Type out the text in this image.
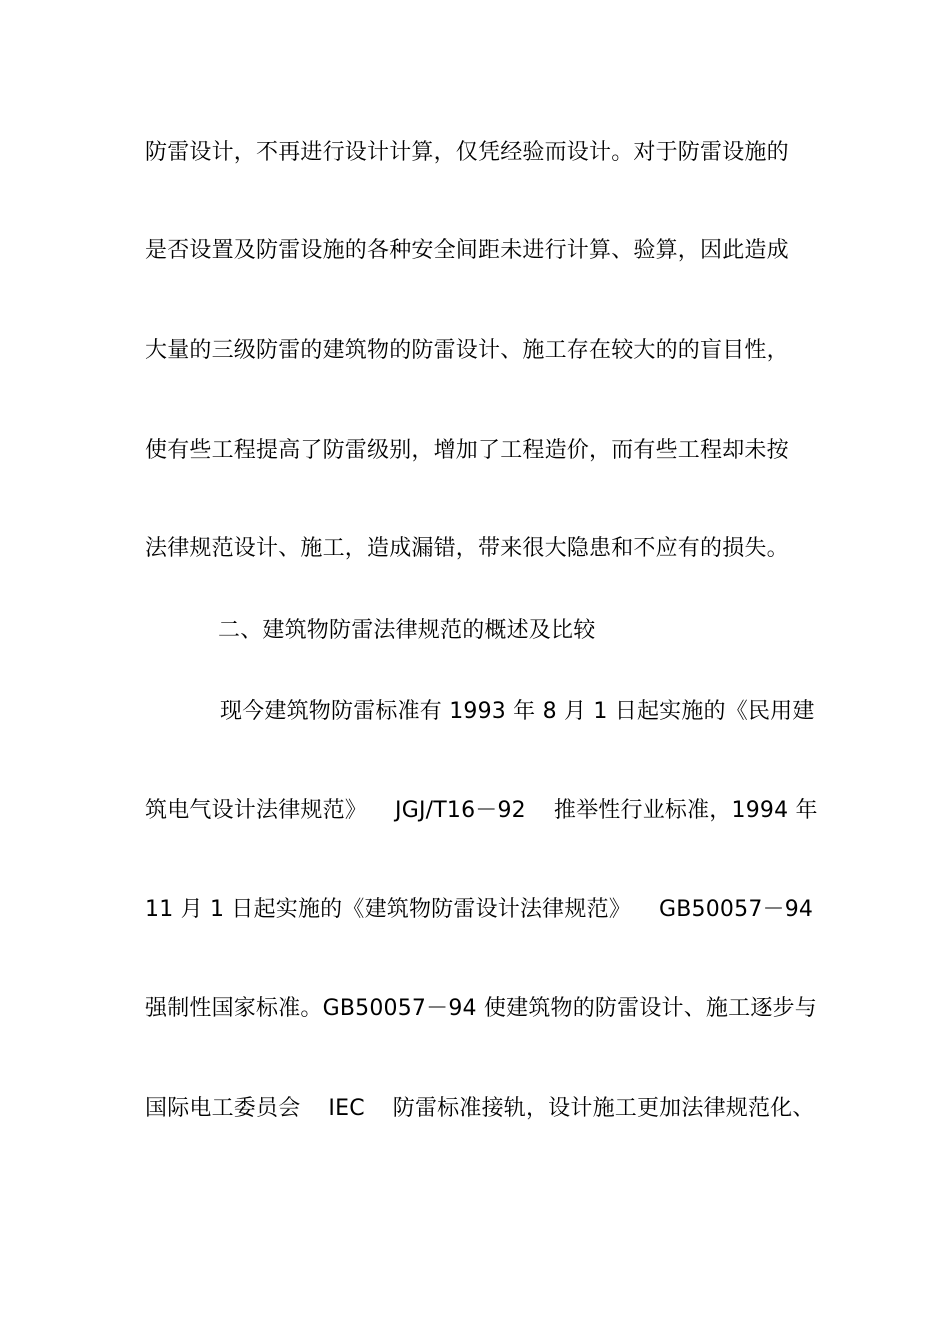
防雷设计，不再进行设计计算，仅凭经验而设计。对于防雷设施的
是否设置及防雷设施的各种安全间距未进行计算、验算，因此造成
大量的三级防雷的建筑物的防雷设计、施工存在较大的的盲目性，
使有些工程提高了防雷级别，增加了工程造价，而有些工程却未按
法律规范设计、施工，造成漏错，带来很大隐患和不应有的损失。
二、建筑物防雷法律规范的概述及比较
现今建筑物防雷标准有 1993 年 8 月 1 日起实施的《民用建
筑电气设计法律规范》 JGJ/T16－92 推举性行业标准，1994 年
11 月 1 日起实施的《建筑物防雷设计法律规范》 GB50057－94
强制性国家标准。GB50057－94 使建筑物的防雷设计、施工逐步与
国际电工委员会 IEC 防雷标准接轨，设计施工更加法律规范化、
